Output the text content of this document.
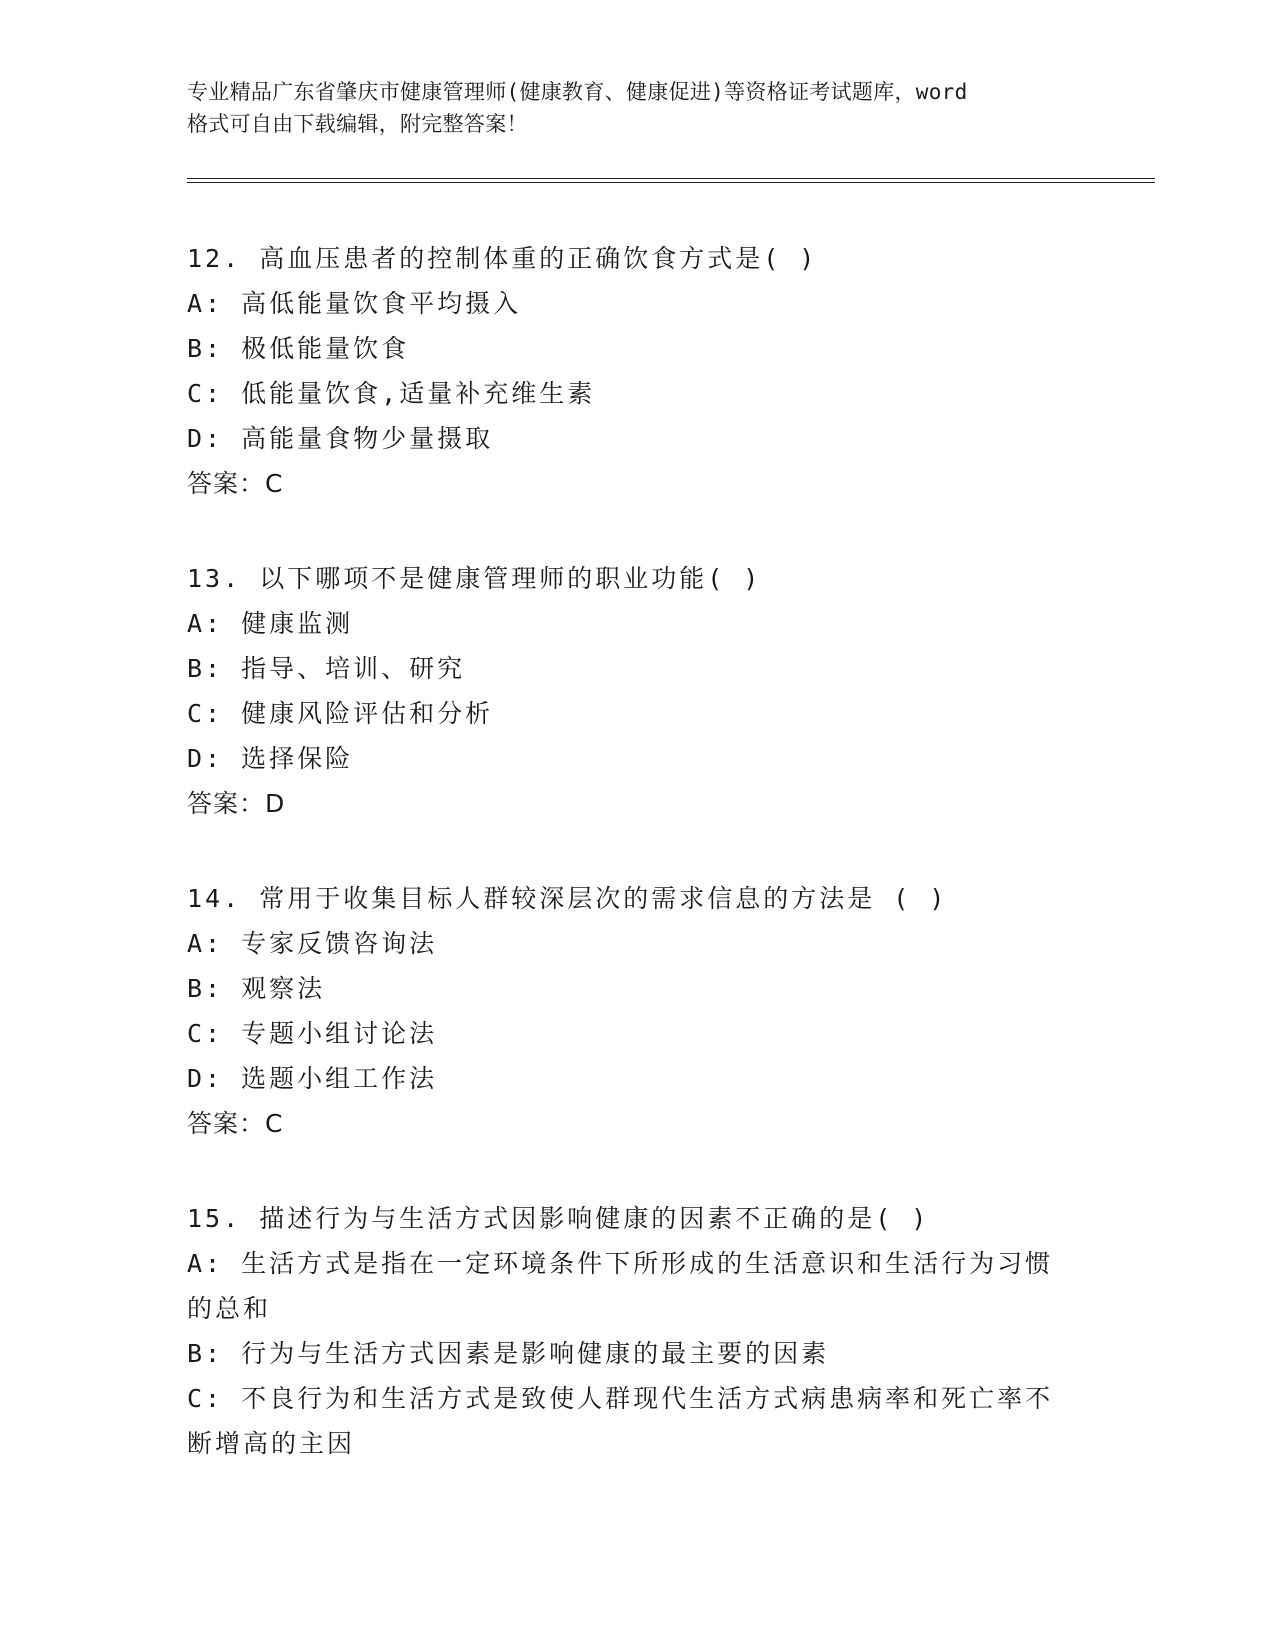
专业精品广东省肇庆市健康管理师(健康教育、健康促进)等资格证考试题库，word
格式可自由下载编辑，附完整答案！

12. 高血压患者的控制体重的正确饮食方式是( )

A: 高低能量饮食平均摄入

B: 极低能量饮食

C: 低能量饮食,适量补充维生素

D: 高能量食物少量摄取

答案：C

13. 以下哪项不是健康管理师的职业功能( )

A: 健康监测

B: 指导、培训、研究

C: 健康风险评估和分析

D: 选择保险

答案：D

14. 常用于收集目标人群较深层次的需求信息的方法是 ( )

A: 专家反馈咨询法

B: 观察法

C: 专题小组讨论法

D: 选题小组工作法

答案：C

15. 描述行为与生活方式因影响健康的因素不正确的是( )

A: 生活方式是指在一定环境条件下所形成的生活意识和生活行为习惯的总和

B: 行为与生活方式因素是影响健康的最主要的因素

C: 不良行为和生活方式是致使人群现代生活方式病患病率和死亡率不断增高的主因
